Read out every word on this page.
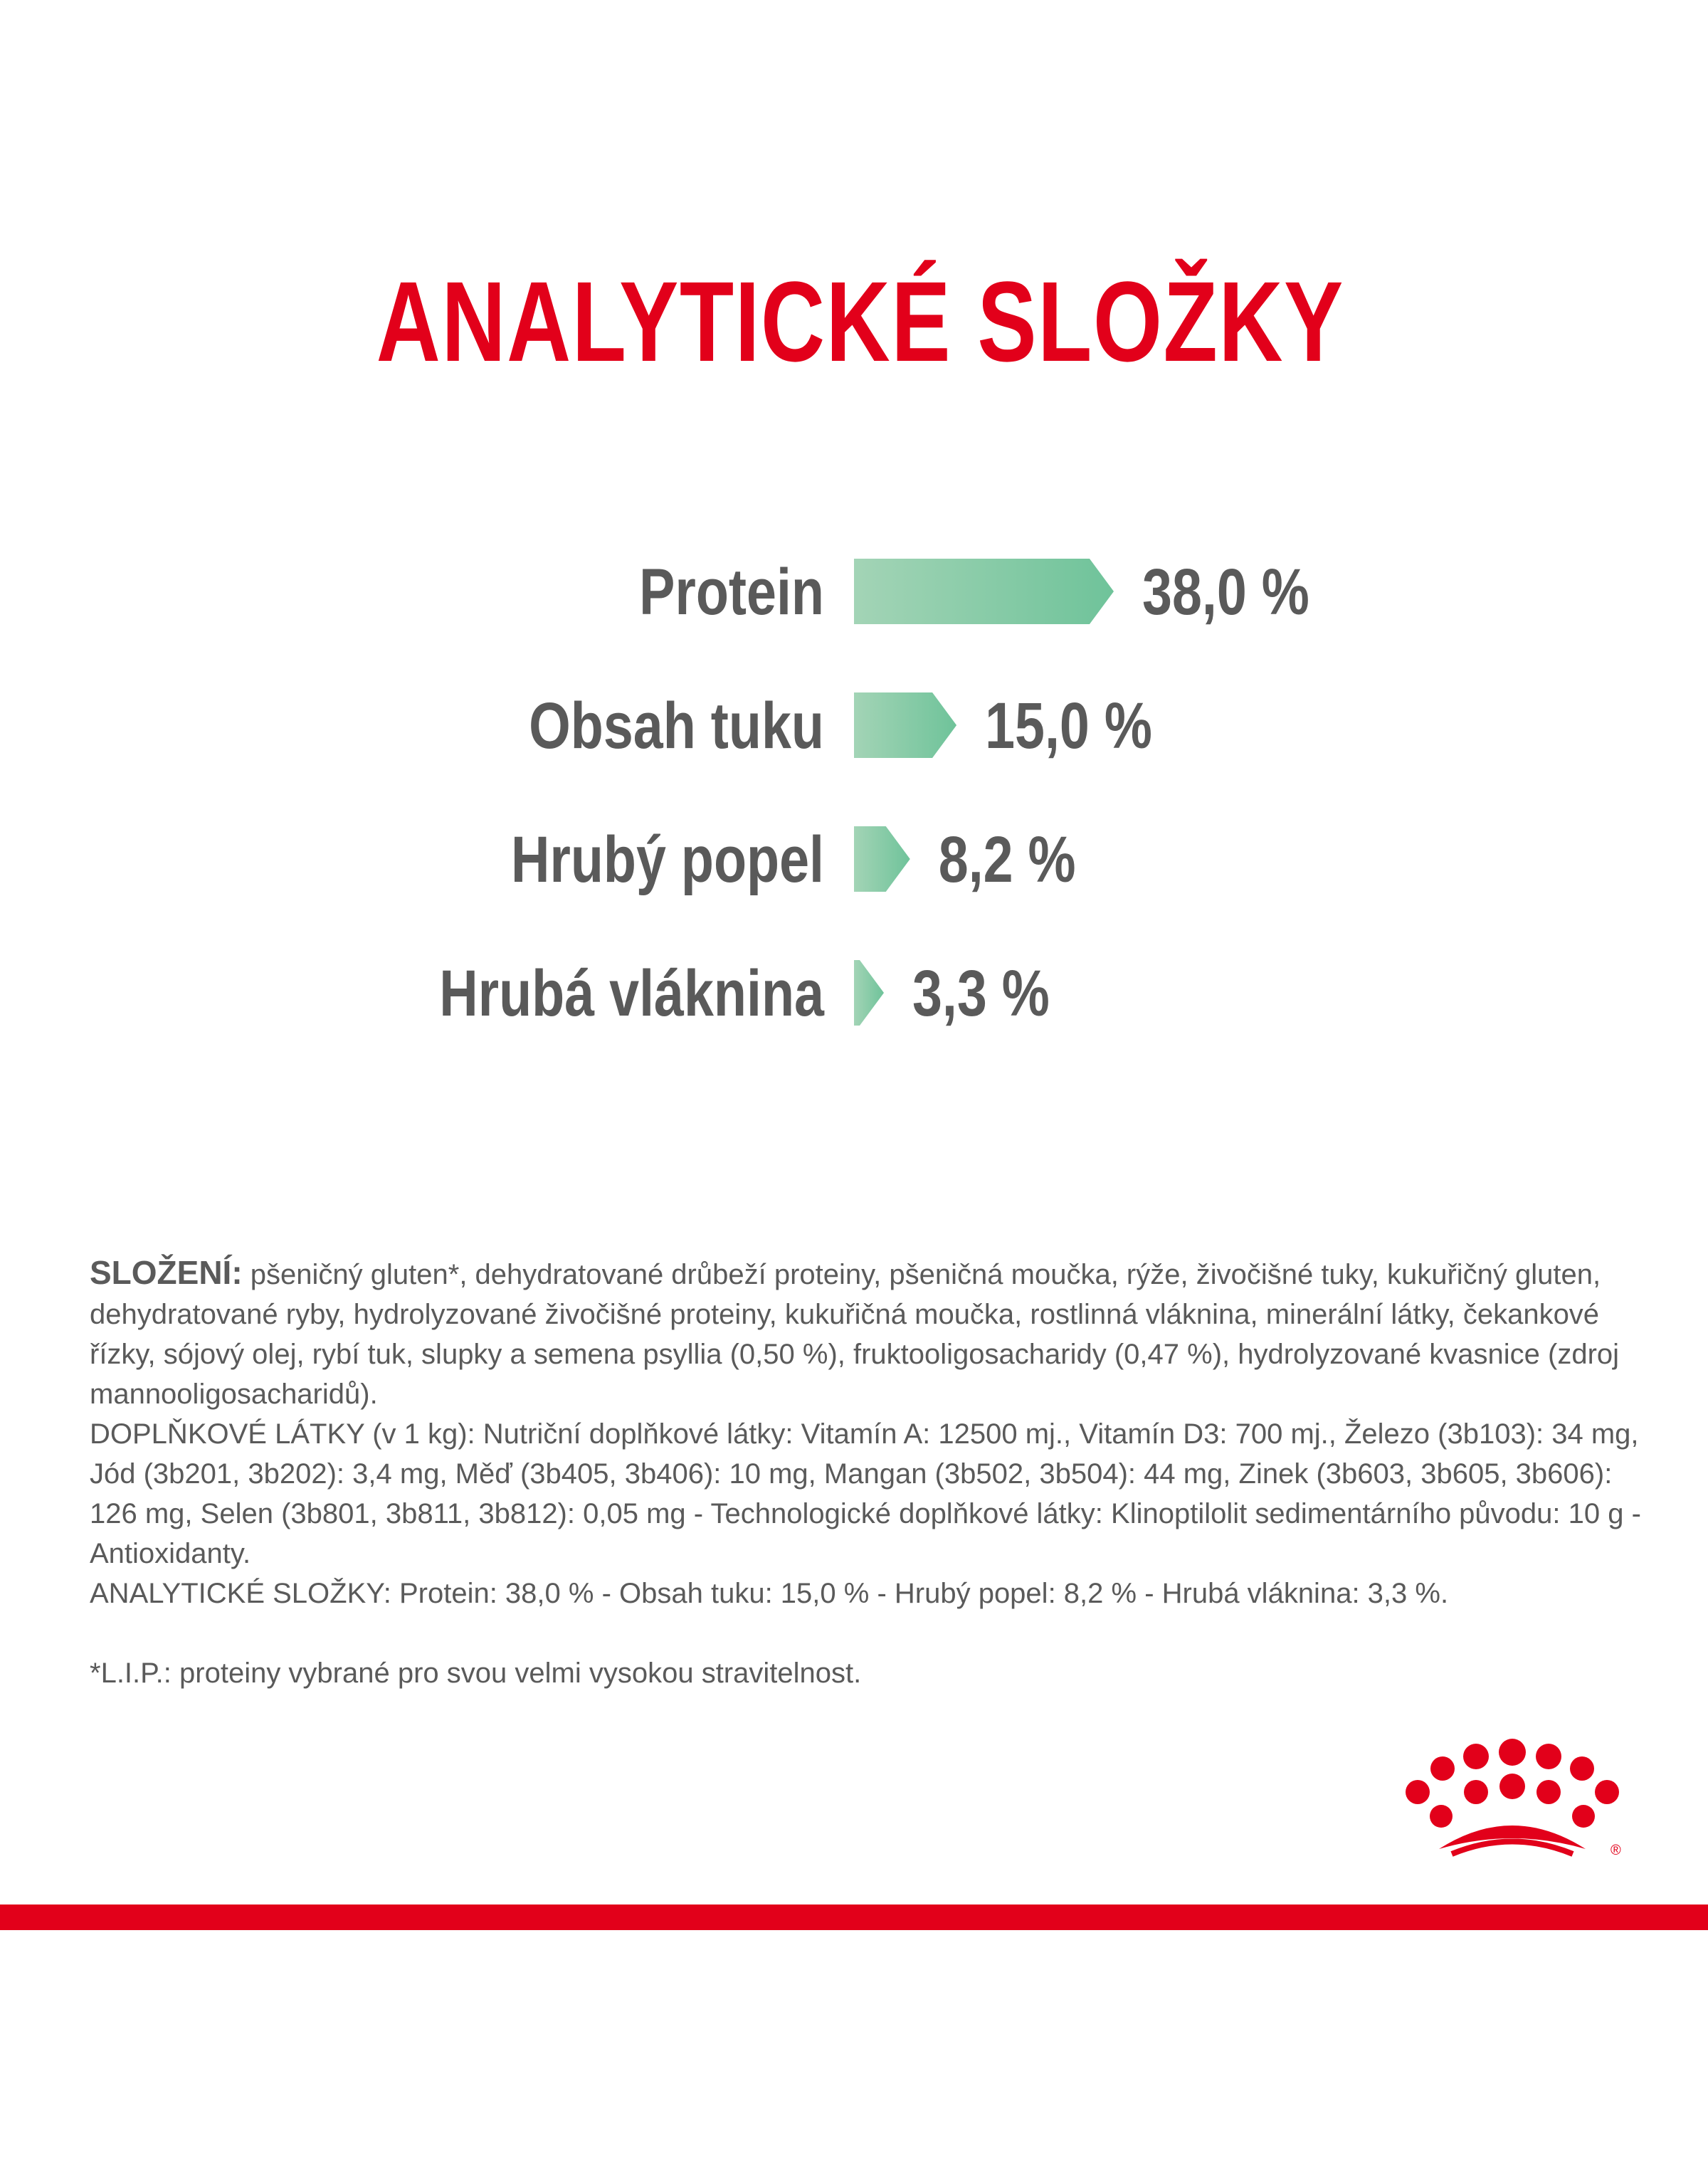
ANALYTICKÉ SLOŽKY
Protein	38,0 %
Obsah tuku 15,0 %
Hrubý popel 8,2 %
Hrubá vláknina 3,3 %

SLOŽENÍ: pšeničný gluten*, dehydratované drůbeží proteiny, pšeničná moučka, rýže, živočišné tuky, kukuřičný gluten, dehydratované ryby, hydrolyzované živočišné proteiny, kukuřičná moučka, rostlinná vláknina, minerální látky, čekankové řízky, sójový olej, rybí tuk, slupky a semena psyllia (0,50 %), fruktooligosacharidy (0,47 %), hydrolyzované kvasnice (zdroj mannooligosacharidů).

DOPLŇKOVÉ LÁTKY (v 1 kg): Nutriční doplňkové látky: Vitamín A: 12500 mj., Vitamín D3: 700 mj., Železo (3b103): 34 mg, Jód (3b201, 3b202): 3,4 mg, Měď (3b405, 3b406): 10 mg, Mangan (3b502, 3b504): 44 mg, Zinek (3b603, 3b605, 3b606): 126 mg, Selen (3b801, 3b811, 3b812): 0,05 mg - Technologické doplňkové látky: Klinoptilolit sedimentárního původu: 10 g - Antioxidanty.

ANALYTICKÉ SLOŽKY: Protein: 38,0 % - Obsah tuku: 15,0 % - Hrubý popel: 8,2 % - Hrubá vláknina: 3,3 %.

*L.I.P.: proteiny vybrané pro svou velmi vysokou stravitelnost.

®
